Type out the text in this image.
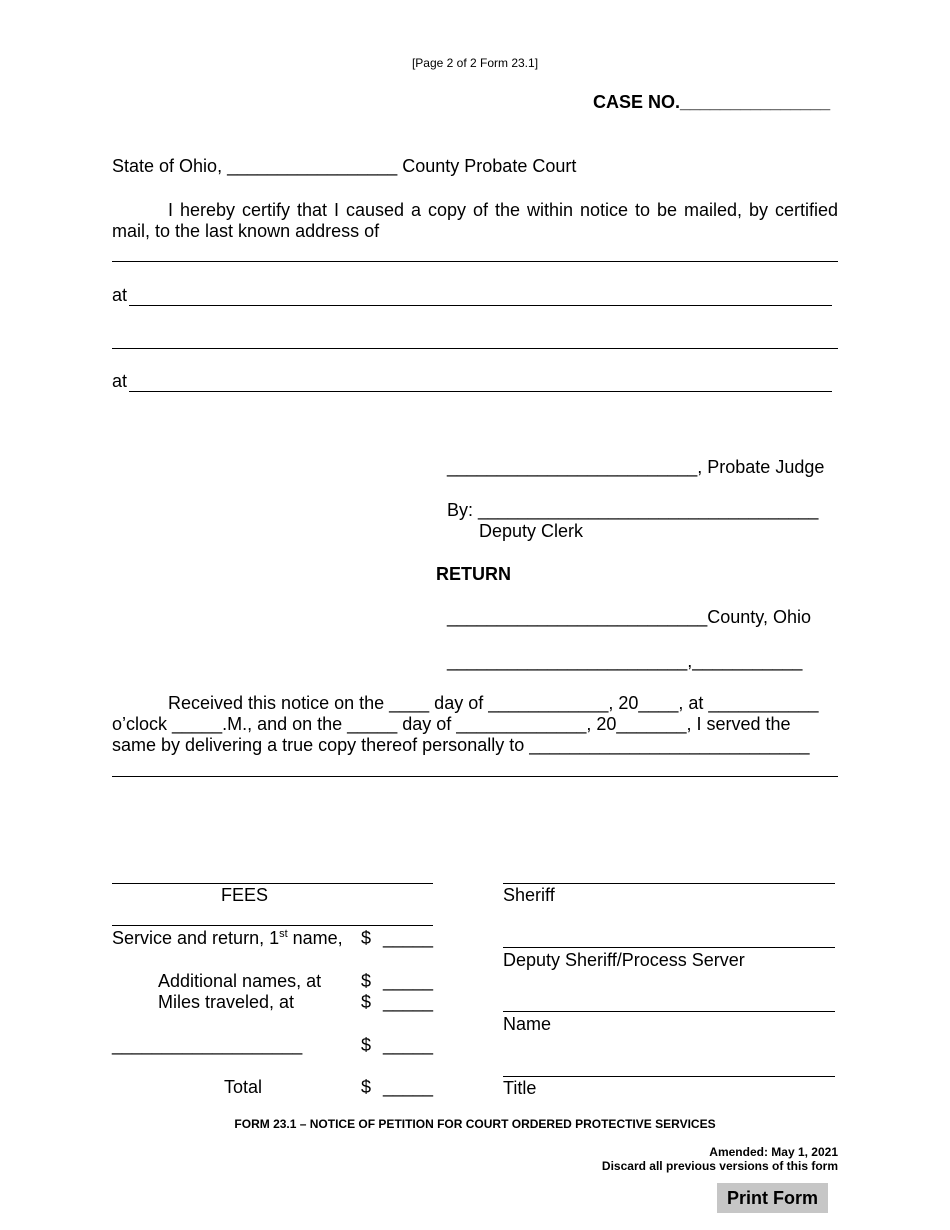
[Page 2 of 2 Form 23.1]
CASE NO._______________
State of Ohio, _________________ County Probate Court
I hereby certify that I caused a copy of the within notice to be mailed, by certified mail, to the last known address of
at
at
_________________________, Probate Judge
By: __________________________________
Deputy Clerk
RETURN
__________________________County, Ohio
________________________,___________
Received this notice on the ____ day of ____________, 20____, at ___________
o’clock _____.M., and on the _____ day of _____________, 20_______, I served the
same by delivering a true copy thereof personally to ____________________________
FEES
Service and return, 1st name, $ _____
Additional names, at $ _____
Miles traveled, at	$ _____
___________________	$ _____
Total	$ _____
Sheriff
Deputy Sheriff/Process Server
Name
Title
FORM 23.1 – NOTICE OF PETITION FOR COURT ORDERED PROTECTIVE SERVICES
Amended: May 1, 2021
Discard all previous versions of this form
Print Form
